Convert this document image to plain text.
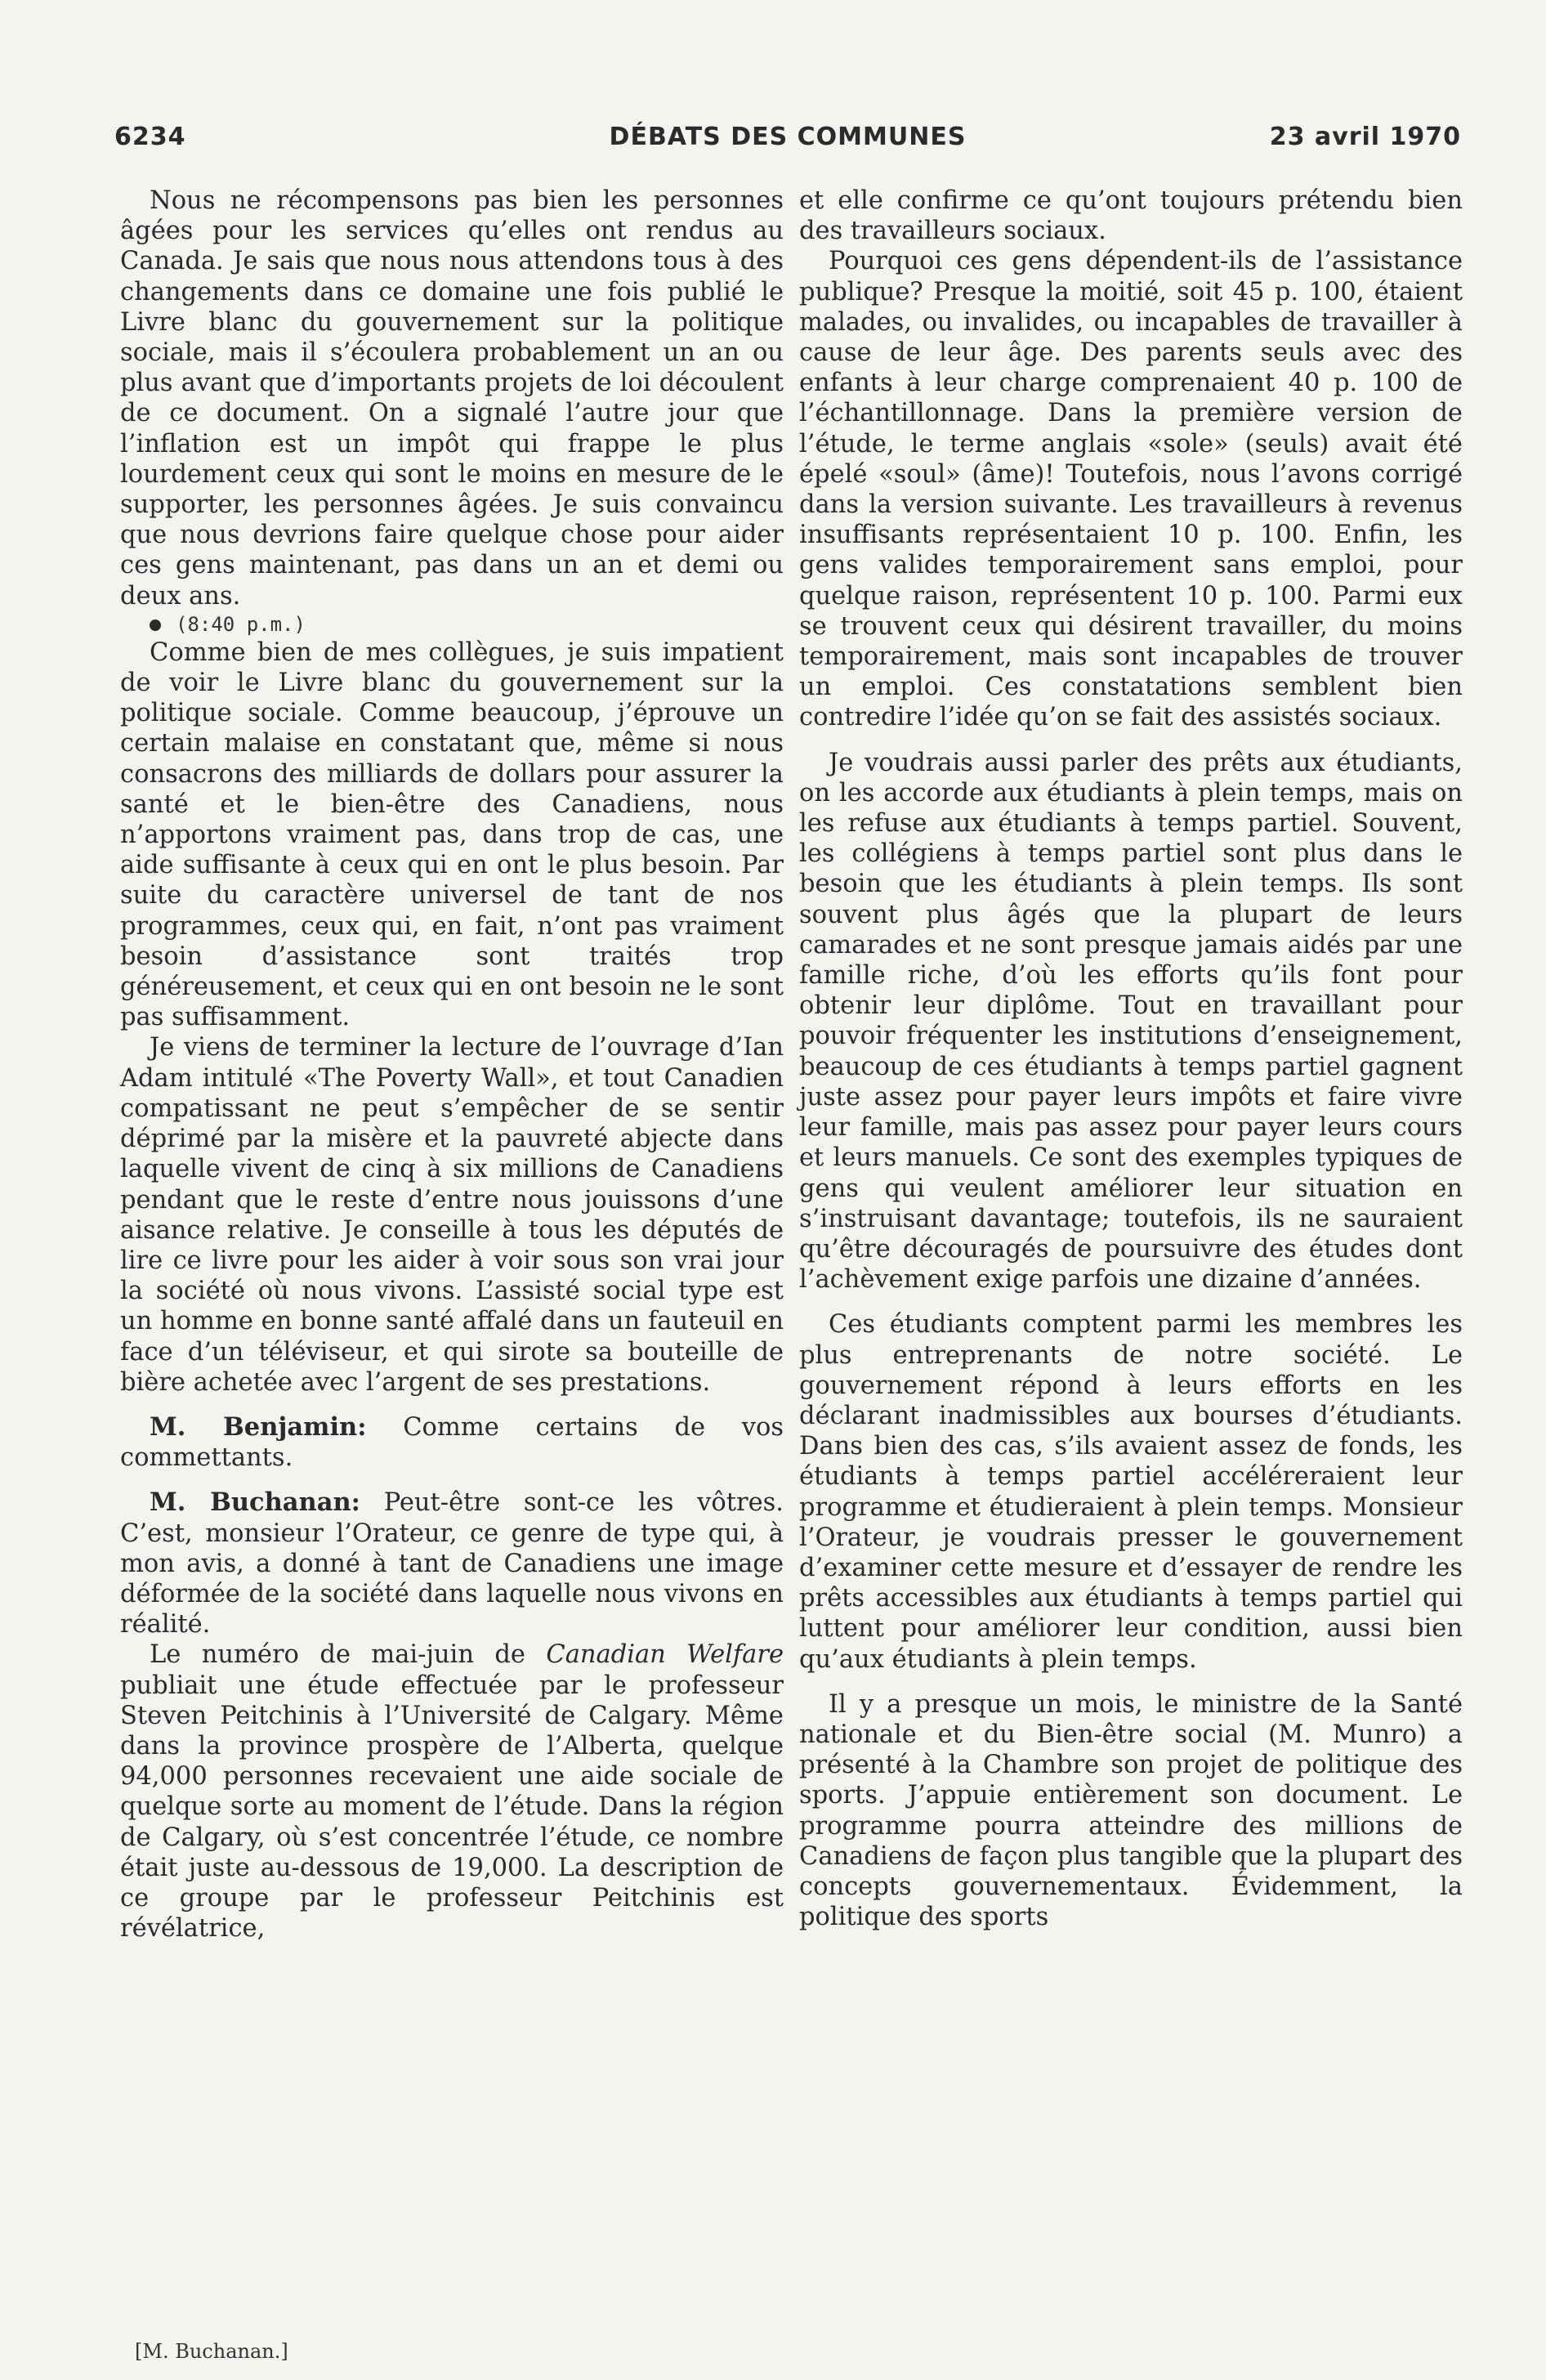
6234	DÉBATS DES COMMUNES	23 avril 1970

Nous ne récompensons pas bien les personnes âgées pour les services qu’elles ont rendus au Canada. Je sais que nous nous attendons tous à des changements dans ce domaine une fois publié le Livre blanc du gouvernement sur la politique sociale, mais il s’écoulera probablement un an ou plus avant que d’importants projets de loi découlent de ce document. On a signalé l’autre jour que l’inflation est un impôt qui frappe le plus lourdement ceux qui sont le moins en mesure de le supporter, les personnes âgées. Je suis convaincu que nous devrions faire quelque chose pour aider ces gens maintenant, pas dans un an et demi ou deux ans.

(8:40 p.m.)

Comme bien de mes collègues, je suis impatient de voir le Livre blanc du gouvernement sur la politique sociale. Comme beaucoup, j’éprouve un certain malaise en constatant que, même si nous consacrons des milliards de dollars pour assurer la santé et le bien-être des Canadiens, nous n’apportons vraiment pas, dans trop de cas, une aide suffisante à ceux qui en ont le plus besoin. Par suite du caractère universel de tant de nos programmes, ceux qui, en fait, n’ont pas vraiment besoin d’assistance sont traités trop généreusement, et ceux qui en ont besoin ne le sont pas suffisamment.

Je viens de terminer la lecture de l’ouvrage d’Ian Adam intitulé «The Poverty Wall», et tout Canadien compatissant ne peut s’empêcher de se sentir déprimé par la misère et la pauvreté abjecte dans laquelle vivent de cinq à six millions de Canadiens pendant que le reste d’entre nous jouissons d’une aisance relative. Je conseille à tous les députés de lire ce livre pour les aider à voir sous son vrai jour la société où nous vivons. L’assisté social type est un homme en bonne santé affalé dans un fauteuil en face d’un téléviseur, et qui sirote sa bouteille de bière achetée avec l’argent de ses prestations.

M. Benjamin: Comme certains de vos commettants.

M. Buchanan: Peut-être sont-ce les vôtres. C’est, monsieur l’Orateur, ce genre de type qui, à mon avis, a donné à tant de Canadiens une image déformée de la société dans laquelle nous vivons en réalité.

Le numéro de mai-juin de Canadian Welfare publiait une étude effectuée par le professeur Steven Peitchinis à l’Université de Calgary. Même dans la province prospère de l’Alberta, quelque 94,000 personnes recevaient une aide sociale de quelque sorte au moment de l’étude. Dans la région de Calgary, où s’est concentrée l’étude, ce nombre était juste au-dessous de 19,000. La description de ce groupe par le professeur Peitchinis est révélatrice,

et elle confirme ce qu’ont toujours prétendu bien des travailleurs sociaux.

Pourquoi ces gens dépendent-ils de l’assistance publique? Presque la moitié, soit 45 p. 100, étaient malades, ou invalides, ou incapables de travailler à cause de leur âge. Des parents seuls avec des enfants à leur charge comprenaient 40 p. 100 de l’échantillonnage. Dans la première version de l’étude, le terme anglais «sole» (seuls) avait été épelé «soul» (âme)! Toutefois, nous l’avons corrigé dans la version suivante. Les travailleurs à revenus insuffisants représentaient 10 p. 100. Enfin, les gens valides temporairement sans emploi, pour quelque raison, représentent 10 p. 100. Parmi eux se trouvent ceux qui désirent travailler, du moins temporairement, mais sont incapables de trouver un emploi. Ces constatations semblent bien contredire l’idée qu’on se fait des assistés sociaux.

Je voudrais aussi parler des prêts aux étudiants, on les accorde aux étudiants à plein temps, mais on les refuse aux étudiants à temps partiel. Souvent, les collégiens à temps partiel sont plus dans le besoin que les étudiants à plein temps. Ils sont souvent plus âgés que la plupart de leurs camarades et ne sont presque jamais aidés par une famille riche, d’où les efforts qu’ils font pour obtenir leur diplôme. Tout en travaillant pour pouvoir fréquenter les institutions d’enseignement, beaucoup de ces étudiants à temps partiel gagnent juste assez pour payer leurs impôts et faire vivre leur famille, mais pas assez pour payer leurs cours et leurs manuels. Ce sont des exemples typiques de gens qui veulent améliorer leur situation en s’instruisant davantage; toutefois, ils ne sauraient qu’être découragés de poursuivre des études dont l’achèvement exige parfois une dizaine d’années.

Ces étudiants comptent parmi les membres les plus entreprenants de notre société. Le gouvernement répond à leurs efforts en les déclarant inadmissibles aux bourses d’étudiants. Dans bien des cas, s’ils avaient assez de fonds, les étudiants à temps partiel accéléreraient leur programme et étudieraient à plein temps. Monsieur l’Orateur, je voudrais presser le gouvernement d’examiner cette mesure et d’essayer de rendre les prêts accessibles aux étudiants à temps partiel qui luttent pour améliorer leur condition, aussi bien qu’aux étudiants à plein temps.

Il y a presque un mois, le ministre de la Santé nationale et du Bien-être social (M. Munro) a présenté à la Chambre son projet de politique des sports. J’appuie entièrement son document. Le programme pourra atteindre des millions de Canadiens de façon plus tangible que la plupart des concepts gouvernementaux. Évidemment, la politique des sports

[M. Buchanan.]
